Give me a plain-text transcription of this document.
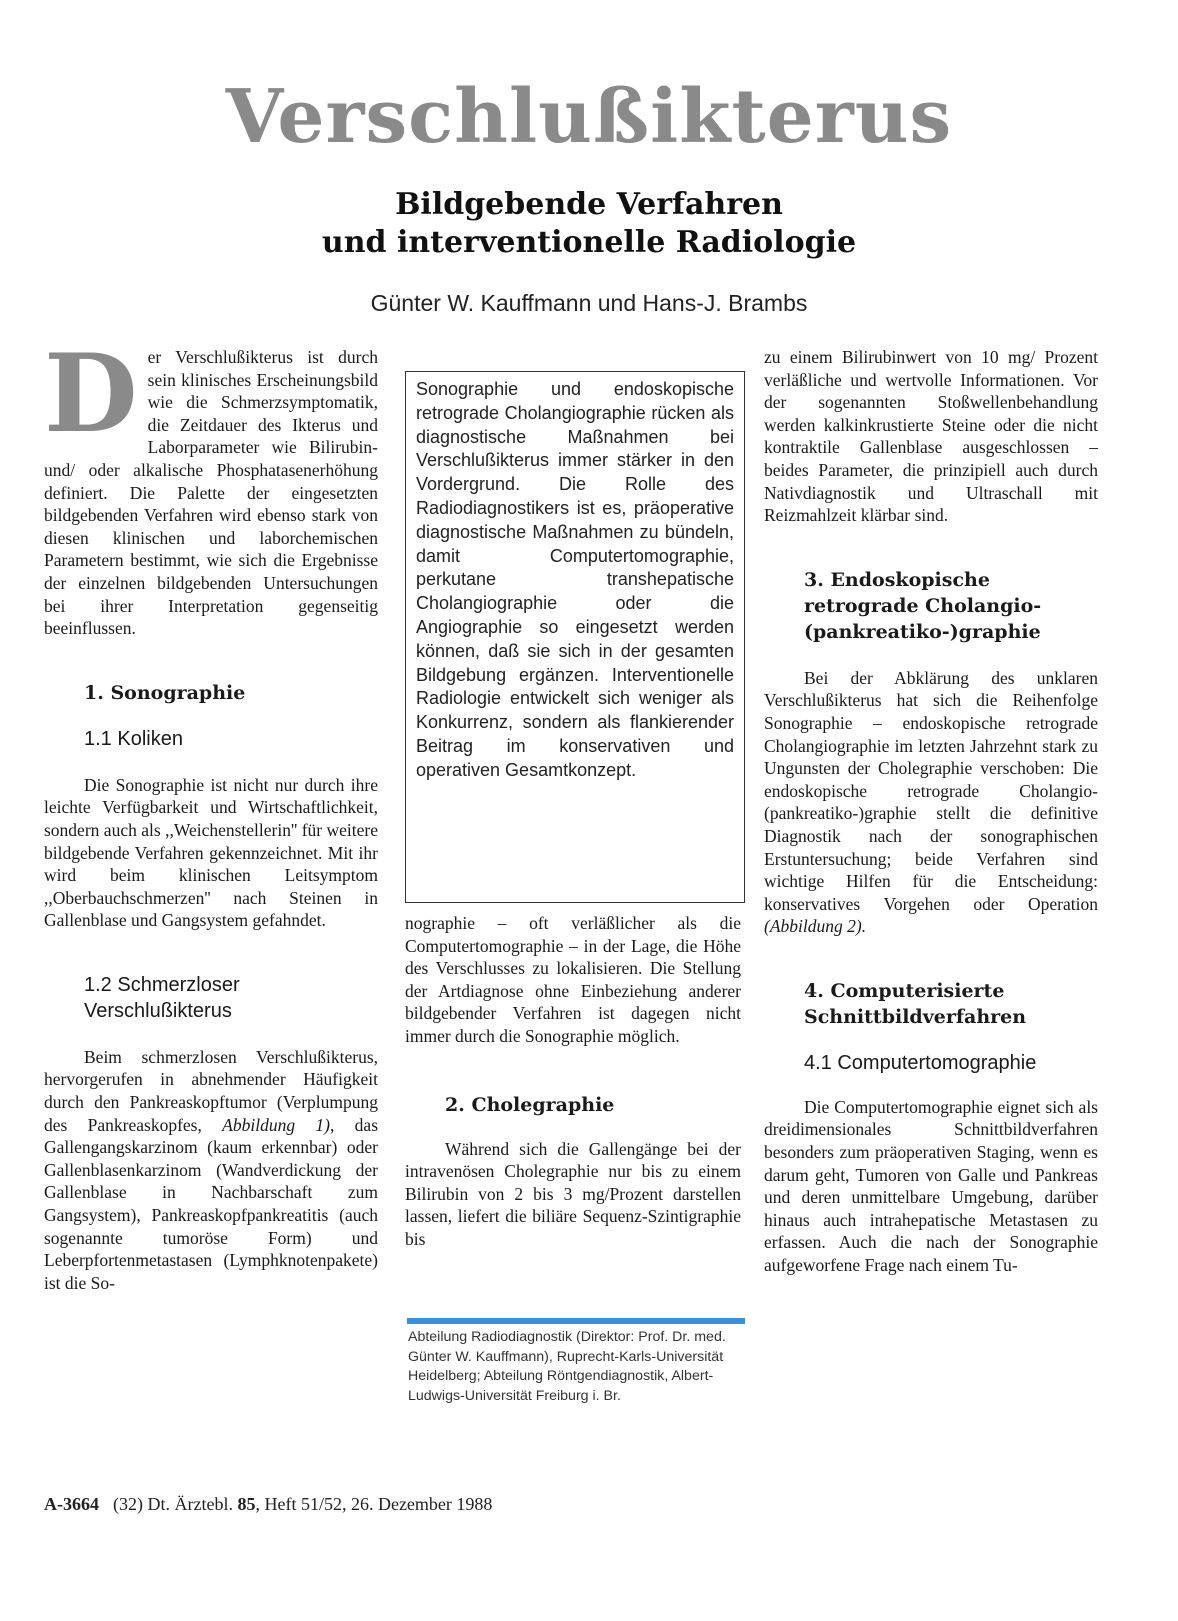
Verschlußikterus
Bildgebende Verfahren
und interventionelle Radiologie
Günter W. Kauffmann und Hans-J. Brambs

Der Verschlußikterus ist durch sein klinisches Erscheinungsbild wie die Schmerzsymptomatik, die Zeitdauer des Ikterus und Laborparameter wie Bilirubin- und/ oder alkalische Phosphatasenerhöhung definiert. Die Palette der eingesetzten bildgebenden Verfahren wird ebenso stark von diesen klinischen und laborchemischen Parametern bestimmt, wie sich die Ergebnisse der einzelnen bildgebenden Untersuchungen bei ihrer Interpretation gegenseitig beeinflussen.

1. Sonographie
1.1 Koliken

Die Sonographie ist nicht nur durch ihre leichte Verfügbarkeit und Wirtschaftlichkeit, sondern auch als ,,Weichenstellerin'' für weitere bildgebende Verfahren gekennzeichnet. Mit ihr wird beim klinischen Leitsymptom ,,Oberbauchschmerzen'' nach Steinen in Gallenblase und Gangsystem gefahndet.

1.2 Schmerzloser
Verschlußikterus

Beim schmerzlosen Verschlußikterus, hervorgerufen in abnehmender Häufigkeit durch den Pankreaskopftumor (Verplumpung des Pankreaskopfes, Abbildung 1), das Gallengangskarzinom (kaum erkennbar) oder Gallenblasenkarzinom (Wandverdickung der Gallenblase in Nachbarschaft zum Gangsystem), Pankreaskopfpankreatitis (auch sogenannte tumoröse Form) und Leberpfortenmetastasen (Lymphknotenpakete) ist die So-

Sonographie und endoskopische retrograde Cholangiographie rücken als diagnostische Maßnahmen bei Verschlußikterus immer stärker in den Vordergrund. Die Rolle des Radiodiagnostikers ist es, präoperative diagnostische Maßnahmen zu bündeln, damit Computertomographie, perkutane transhepatische Cholangiographie oder die Angiographie so eingesetzt werden können, daß sie sich in der gesamten Bildgebung ergänzen. Interventionelle Radiologie entwickelt sich weniger als Konkurrenz, sondern als flankierender Beitrag im konservativen und operativen Gesamtkonzept.

nographie – oft verläßlicher als die Computertomographie – in der Lage, die Höhe des Verschlusses zu lokalisieren. Die Stellung der Artdiagnose ohne Einbeziehung anderer bildgebender Verfahren ist dagegen nicht immer durch die Sonographie möglich.

2. Cholegraphie

Während sich die Gallengänge bei der intravenösen Cholegraphie nur bis zu einem Bilirubin von 2 bis 3 mg/Prozent darstellen lassen, liefert die biliäre Sequenz-Szintigraphie bis

Abteilung Radiodiagnostik (Direktor: Prof. Dr. med. Günter W. Kauffmann), Ruprecht-Karls-Universität Heidelberg; Abteilung Röntgendiagnostik, Albert-Ludwigs-Universität Freiburg i. Br.

zu einem Bilirubinwert von 10 mg/ Prozent verläßliche und wertvolle Informationen. Vor der sogenannten Stoßwellenbehandlung werden kalkinkrustierte Steine oder die nicht kontraktile Gallenblase ausgeschlossen – beides Parameter, die prinzipiell auch durch Nativdiagnostik und Ultraschall mit Reizmahlzeit klärbar sind.

3. Endoskopische
retrograde Cholangio-
(pankreatiko-)graphie

Bei der Abklärung des unklaren Verschlußikterus hat sich die Reihenfolge Sonographie – endoskopische retrograde Cholangiographie im letzten Jahrzehnt stark zu Ungunsten der Cholegraphie verschoben: Die endoskopische retrograde Cholangio-(pankreatiko-)graphie stellt die definitive Diagnostik nach der sonographischen Erstuntersuchung; beide Verfahren sind wichtige Hilfen für die Entscheidung: konservatives Vorgehen oder Operation (Abbildung 2).

4. Computerisierte
Schnittbildverfahren
4.1 Computertomographie

Die Computertomographie eignet sich als dreidimensionales Schnittbildverfahren besonders zum präoperativen Staging, wenn es darum geht, Tumoren von Galle und Pankreas und deren unmittelbare Umgebung, darüber hinaus auch intrahepatische Metastasen zu erfassen. Auch die nach der Sonographie aufgeworfene Frage nach einem Tu-

A-3664 (32) Dt. Ärztebl. 85, Heft 51/52, 26. Dezember 1988
